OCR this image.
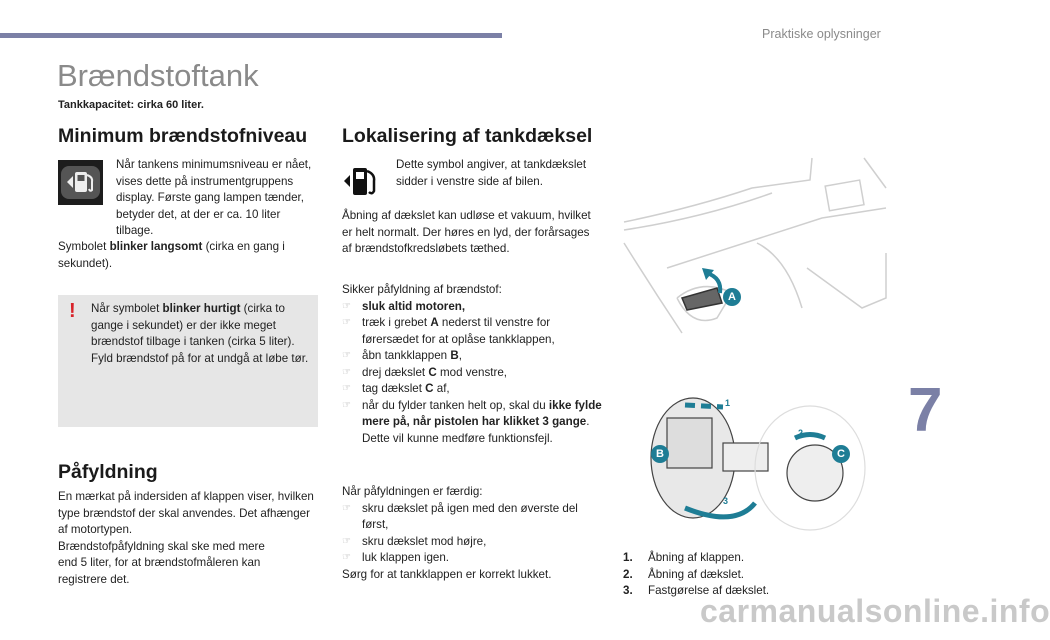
Praktiske oplysninger
Brændstoftank
Tankkapacitet: cirka 60 liter.
Minimum brændstofniveau
Når tankens minimumsniveau er nået, vises dette på instrumentgruppens display. Første gang lampen tænder, betyder det, at der er ca. 10 liter tilbage.
Symbolet blinker langsomt (cirka en gang i sekundet).
! Når symbolet blinker hurtigt (cirka to gange i sekundet) er der ikke meget brændstof tilbage i tanken (cirka 5 liter). Fyld brændstof på for at undgå at løbe tør.
Påfyldning
En mærkat på indersiden af klappen viser, hvilken type brændstof der skal anvendes. Det afhænger af motortypen.
Brændstofpåfyldning skal ske med mere end 5 liter, for at brændstofmåleren kan registrere det.
Lokalisering af tankdæksel
Dette symbol angiver, at tankdækslet sidder i venstre side af bilen.
Åbning af dækslet kan udløse et vakuum, hvilket er helt normalt. Der høres en lyd, der forårsages af brændstofkredsløbets tæthed.
Sikker påfyldning af brændstof:
☞ sluk altid motoren,
☞ træk i grebet A nederst til venstre for førersædet for at oplåse tankklappen,
☞ åbn tankklappen B,
☞ drej dækslet C mod venstre,
☞ tag dækslet C af,
☞ når du fylder tanken helt op, skal du ikke fylde mere på, når pistolen har klikket 3 gange. Dette vil kunne medføre funktionsfejl.
Når påfyldningen er færdig:
☞ skru dækslet på igen med den øverste del først,
☞ skru dækslet mod højre,
☞ luk klappen igen.
Sørg for at tankklappen er korrekt lukket.
A
B	C
1
2
3
1. Åbning af klappen.
2. Åbning af dækslet.
3. Fastgørelse af dækslet.
7
carmanualsonline.info
